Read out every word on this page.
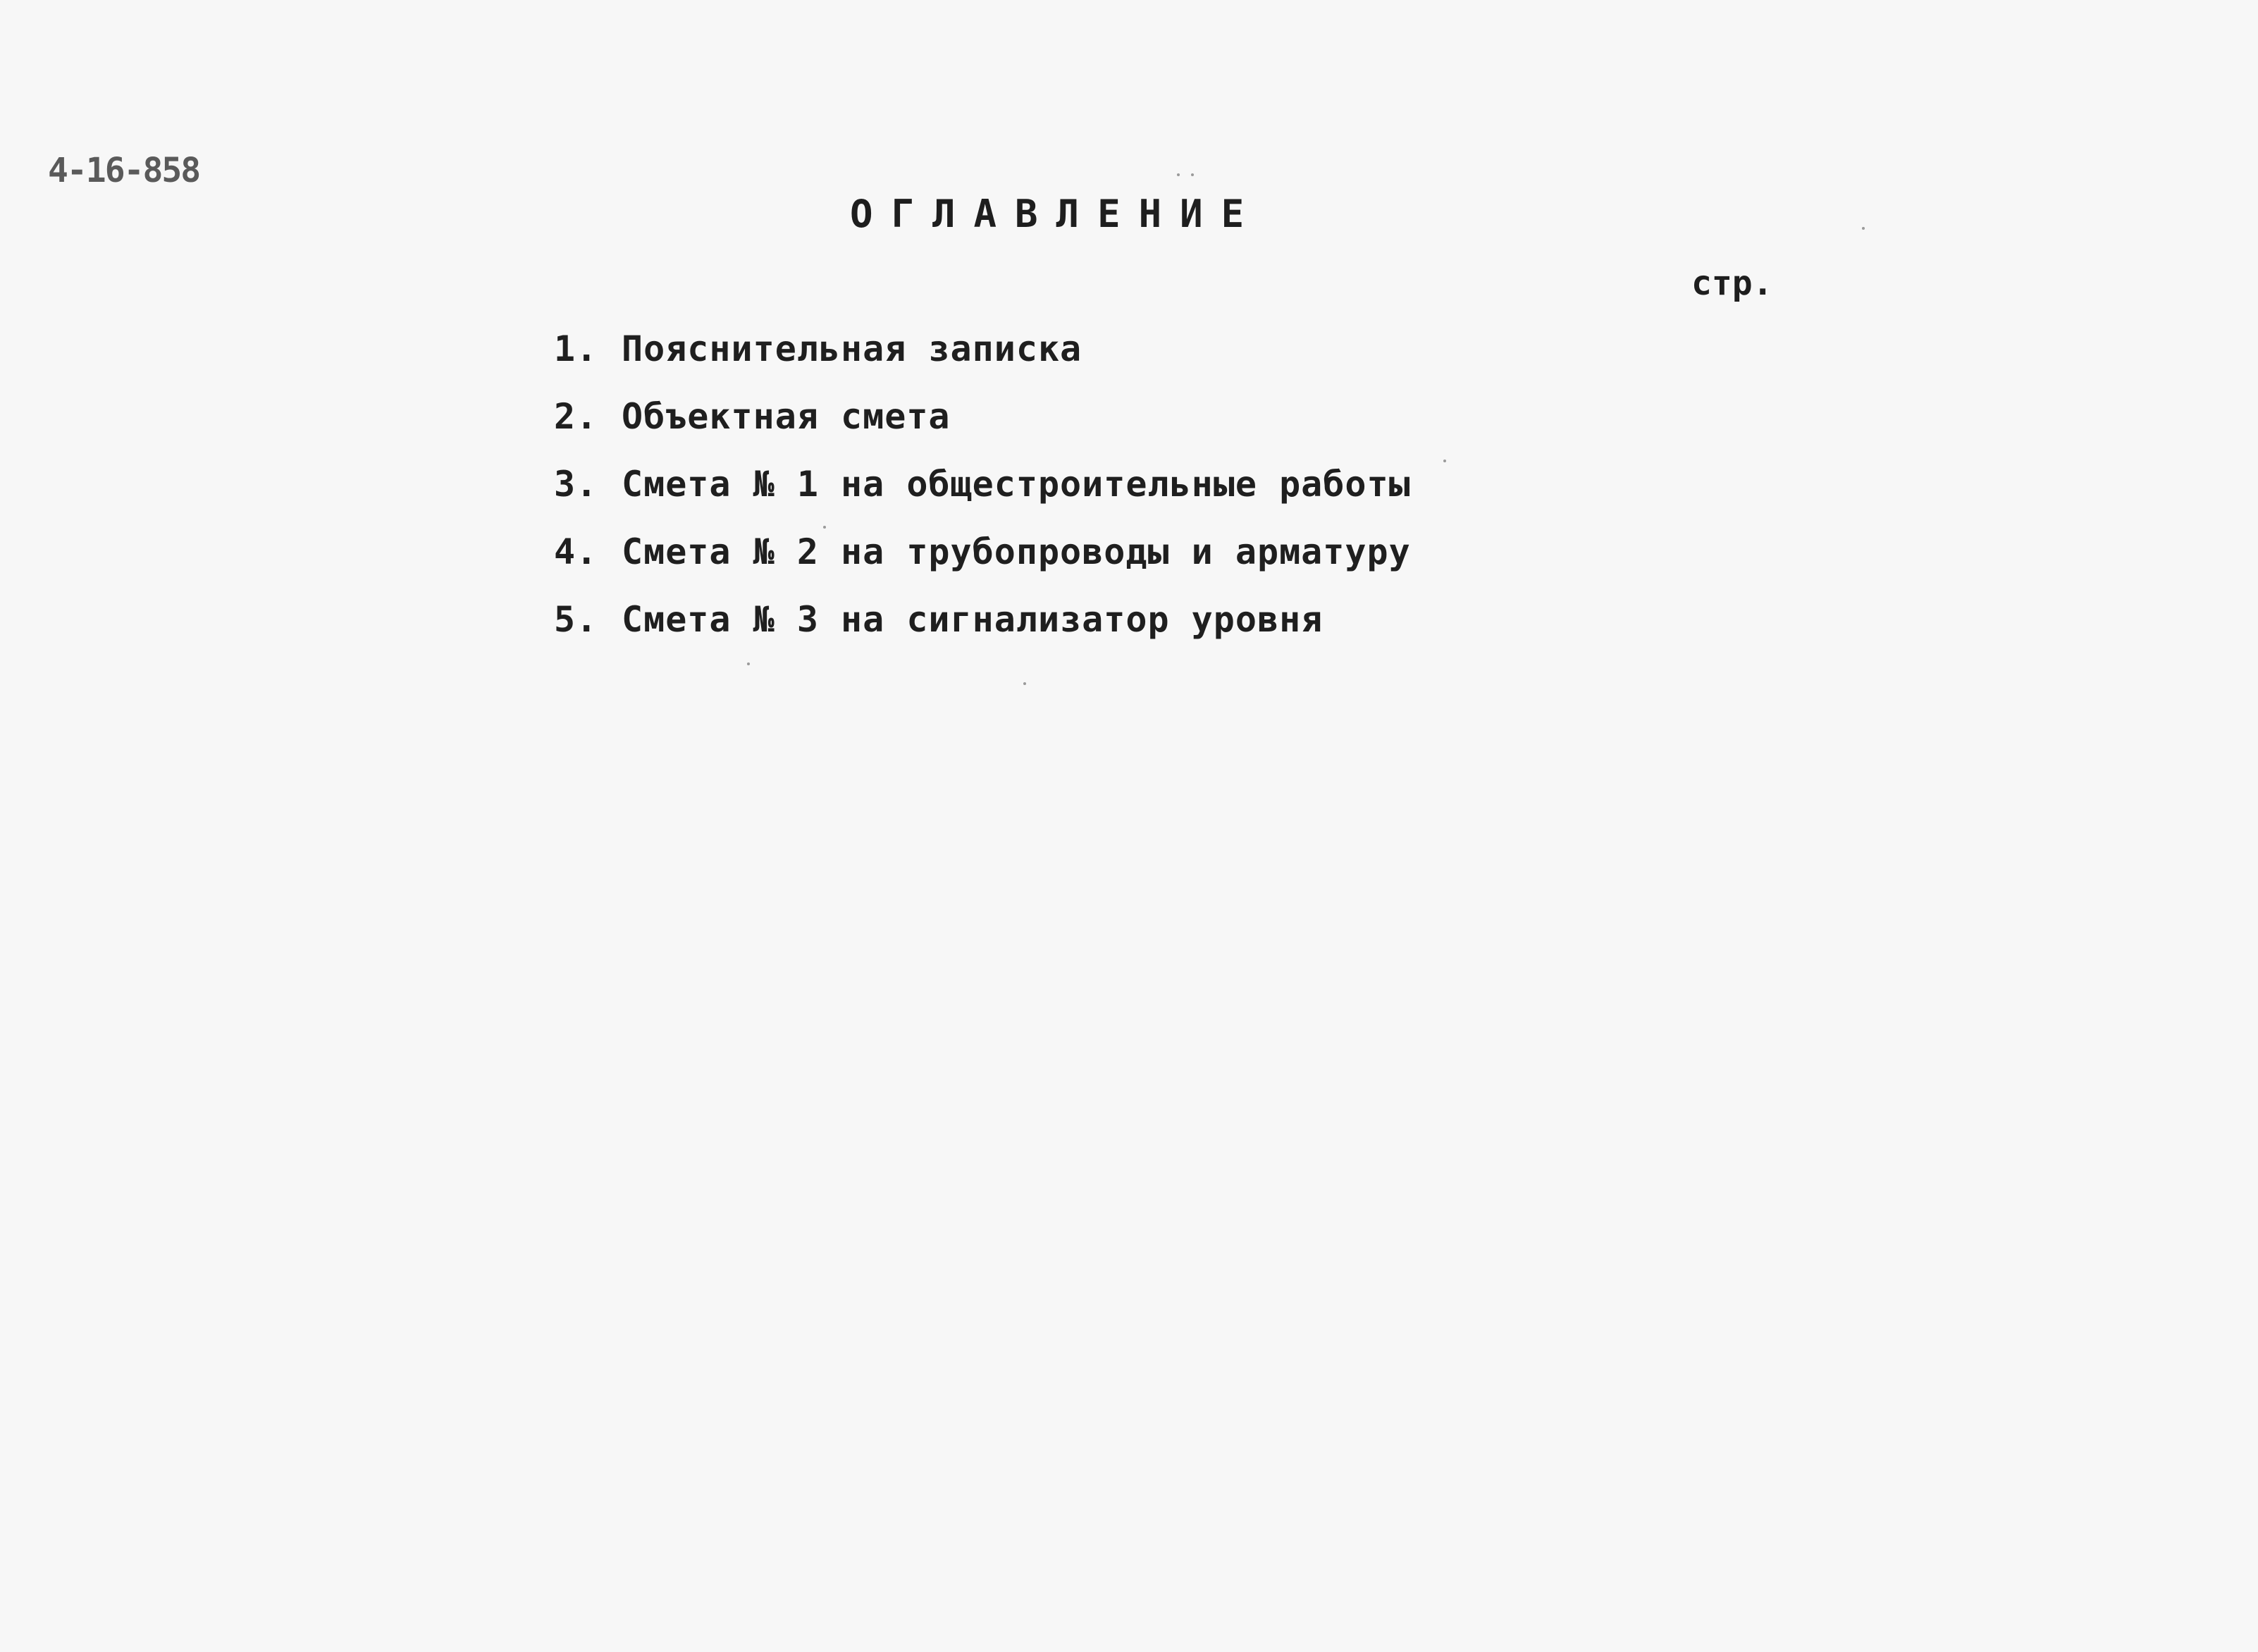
4-16-858
ОГЛАВЛЕНИЕ
стр.
1. Пояснительная записка
2. Объектная смета
3. Смета № 1 на общестроительные работы
4. Смета № 2 на трубопроводы и арматуру
5. Смета № 3 на сигнализатор уровня
